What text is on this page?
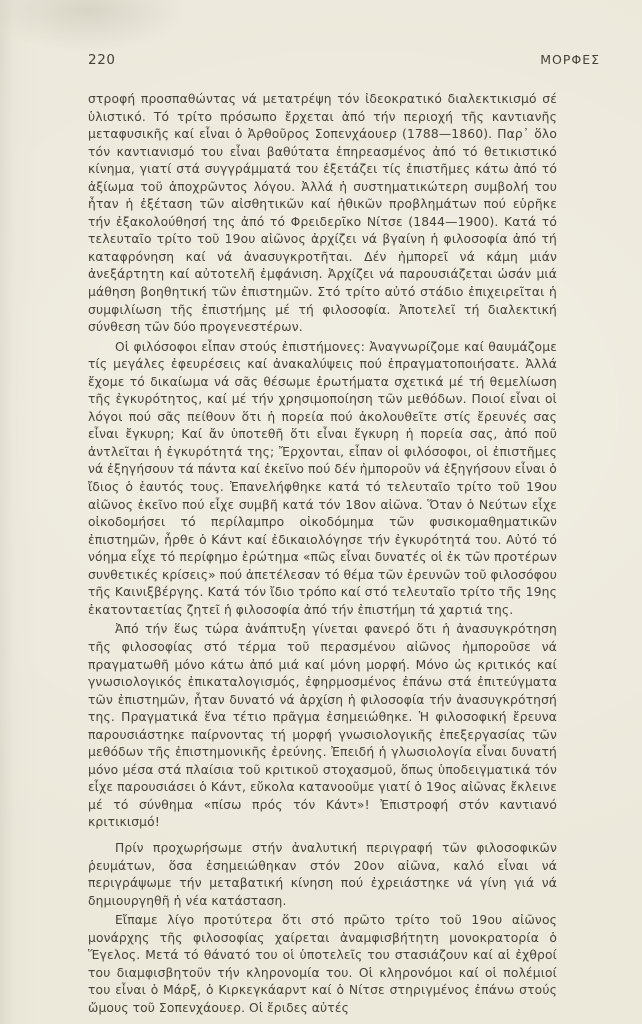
220	ΜΟΡΦΕΣ

στροφή προσπαθώντας νά μετατρέψη τόν ἰδεοκρατικό διαλεκτικισμό σέ ὑλιστικό. Τό τρίτο πρόσωπο ἔρχεται ἀπό τήν περιοχή τῆς καντιανῆς μεταφυσικῆς καί εἶναι ὁ Ἀρθοῦρος Σοπενχάουερ (1788—1860). Παρ᾽ ὅλο τόν καντιανισμό του εἶναι βαθύτατα ἐπηρεασμένος ἀπό τό θετικιστικό κίνημα, γιατί στά συγγράμματά του ἐξετάζει τίς ἐπιστῆμες κάτω ἀπό τό ἀξίωμα τοῦ ἀποχρῶντος λόγου. Ἀλλά ἡ συστηματικώτερη συμβολή του ἦταν ἡ ἐξέταση τῶν αἰσθητικῶν καί ἠθικῶν προβλημάτων πού εὑρῆκε τήν ἐξακολούθησή της ἀπό τό Φρειδερῖκο Νίτσε (1844—1900). Κατά τό τελευταῖο τρίτο τοῦ 19ου αἰῶνος ἀρχίζει νά βγαίνη ἡ φιλοσοφία ἀπό τή καταφρόνηση καί νά ἀνασυγκροτῆται. Δέν ἠμπορεῖ νά κάμη μιάν ἀνεξάρτητη καί αὐτοτελῆ ἐμφάνιση. Ἀρχίζει νά παρουσιάζεται ὡσάν μιά μάθηση βοηθητική τῶν ἐπιστημῶν. Στό τρίτο αὐτό στάδιο ἐπιχειρεῖται ἡ συμφιλίωση τῆς ἐπιστήμης μέ τή φιλοσοφία. Ἀποτελεῖ τή διαλεκτική σύνθεση τῶν δύο προγενεστέρων.

Οἱ φιλόσοφοι εἶπαν στούς ἐπιστήμονες: Ἀναγνωρίζομε καί θαυμάζομε τίς μεγάλες ἐφευρέσεις καί ἀνακαλύψεις πού ἐπραγματοποιήσατε. Ἀλλά ἔχομε τό δικαίωμα νά σᾶς θέσωμε ἐρωτήματα σχετικά μέ τή θεμελίωση τῆς ἐγκυρότητος, καί μέ τήν χρησιμοποίηση τῶν μεθόδων. Ποιοί εἶναι οἱ λόγοι πού σᾶς πείθουν ὅτι ἡ πορεία πού ἀκολουθεῖτε στίς ἔρευνές σας εἶναι ἔγκυρη; Καί ἄν ὑποτεθῆ ὅτι εἶναι ἔγκυρη ἡ πορεία σας, ἀπό ποῦ ἀντλεῖται ἡ ἐγκυρότητά της; Ἔρχονται, εἶπαν οἱ φιλόσοφοι, οἱ ἐπιστῆμες νά ἐξηγήσουν τά πάντα καί ἐκεῖνο πού δέν ἠμποροῦν νά ἐξηγήσουν εἶναι ὁ ἴδιος ὁ ἑαυτός τους. Ἐπανελήφθηκε κατά τό τελευταῖο τρίτο τοῦ 19ου αἰῶνος ἐκεῖνο πού εἶχε συμβῆ κατά τόν 18ον αἰῶνα. Ὅταν ὁ Νεύτων εἶχε οἰκοδομήσει τό περίλαμπρο οἰκοδόμημα τῶν φυσικομαθηματικῶν ἐπιστημῶν, ἦρθε ὁ Κάντ καί ἐδικαιολόγησε τήν ἐγκυρότητά του. Αὐτό τό νόημα εἶχε τό περίφημο ἐρώτημα «πῶς εἶναι δυνατές οἱ ἐκ τῶν προτέρων συνθετικές κρίσεις» πού ἀπετέλεσαν τό θέμα τῶν ἐρευνῶν τοῦ φιλοσόφου τῆς Καινιξβέργης. Κατά τόν ἴδιο τρόπο καί στό τελευταῖο τρίτο τῆς 19ης ἑκατονταετίας ζητεῖ ἡ φιλοσοφία ἀπό τήν ἐπιστήμη τά χαρτιά της.

Ἀπό τήν ἕως τώρα ἀνάπτυξη γίνεται φανερό ὅτι ἡ ἀνασυγκρότηση τῆς φιλοσοφίας στό τέρμα τοῦ περασμένου αἰῶνος ἠμποροῦσε νά πραγματωθῆ μόνο κάτω ἀπό μιά καί μόνη μορφή. Μόνο ὡς κριτικός καί γνωσιολογικός ἐπικαταλογισμός, ἐφηρμοσμένος ἐπάνω στά ἐπιτεύγματα τῶν ἐπιστημῶν, ἦταν δυνατό νά ἀρχίση ἡ φιλοσοφία τήν ἀνασυγκρότησή της. Πραγματικά ἕνα τέτιο πρᾶγμα ἐσημειώθηκε. Ἡ φιλοσοφική ἔρευνα παρουσιάστηκε παίρνοντας τή μορφή γνωσιολογικῆς ἐπεξεργασίας τῶν μεθόδων τῆς ἐπιστημονικῆς ἐρεύνης. Ἐπειδή ἡ γλωσιολογία εἶναι δυνατή μόνο μέσα στά πλαίσια τοῦ κριτικοῦ στοχασμοῦ, ὅπως ὑποδειγματικά τόν εἶχε παρουσιάσει ὁ Κάντ, εὔκολα κατανοοῦμε γιατί ὁ 19ος αἰῶνας ἔκλεινε μέ τό σύνθημα «πίσω πρός τόν Κάντ»! Ἐπιστροφή στόν καντιανό κριτικισμό!

Πρίν προχωρήσωμε στήν ἀναλυτική περιγραφή τῶν φιλοσοφικῶν ῥευμάτων, ὅσα ἐσημειώθηκαν στόν 20ον αἰῶνα, καλό εἶναι νά περιγράψωμε τήν μεταβατική κίνηση πού ἐχρειάστηκε νά γίνη γιά νά δημιουργηθῆ ἡ νέα κατάσταση.

Εἴπαμε λίγο προτύτερα ὅτι στό πρῶτο τρίτο τοῦ 19ου αἰῶνος μονάρχης τῆς φιλοσοφίας χαίρεται ἀναμφισβήτητη μονοκρατορία ὁ Ἕγελος. Μετά τό θάνατό του οἱ ὑποτελεῖς του στασιάζουν καί αἱ ἐχθροί του διαμφισβητοῦν τήν κληρονομία του. Οἱ κληρονόμοι καί οἱ πολέμιοί του εἶναι ὁ Μάρξ, ὁ Κιρκεγκάαρντ καί ὁ Νίτσε στηριγμένος ἐπάνω στούς ὤμους τοῦ Σοπενχάουερ. Οἱ ἔριδες αὐτές
